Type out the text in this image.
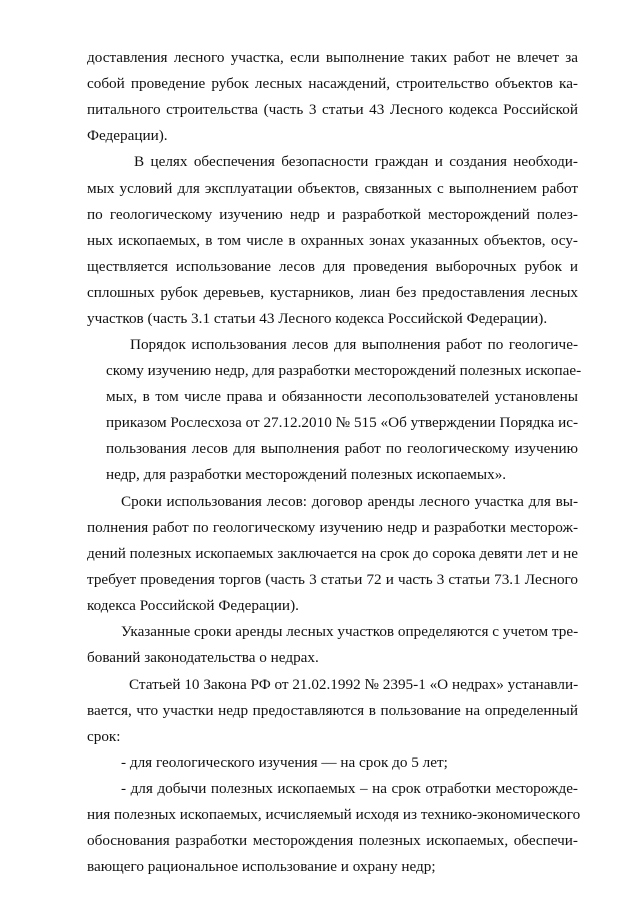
доставления лесного участка, если выполнение таких работ не влечет за
собой проведение рубок лесных насаждений, строительство объектов ка-
питального строительства (часть 3 статьи 43 Лесного кодекса Российской
Федерации).
В целях обеспечения безопасности граждан и создания необходи-
мых условий для эксплуатации объектов, связанных с выполнением работ
по геологическому изучению недр и разработкой месторождений полез-
ных ископаемых, в том числе в охранных зонах указанных объектов, осу-
ществляется использование лесов для проведения выборочных рубок и
сплошных рубок деревьев, кустарников, лиан без предоставления лесных
участков (часть 3.1 статьи 43 Лесного кодекса Российской Федерации).
Порядок использования лесов для выполнения работ по геологиче-
скому изучению недр, для разработки месторождений полезных ископае-
мых, в том числе права и обязанности лесопользователей установлены
приказом Рослесхоза от 27.12.2010 № 515 «Об утверждении Порядка ис-
пользования лесов для выполнения работ по геологическому изучению
недр, для разработки месторождений полезных ископаемых».
Сроки использования лесов: договор аренды лесного участка для вы-
полнения работ по геологическому изучению недр и разработки месторож-
дений полезных ископаемых заключается на срок до сорока девяти лет и не
требует проведения торгов (часть 3 статьи 72 и часть 3 статьи 73.1 Лесного
кодекса Российской Федерации).
Указанные сроки аренды лесных участков определяются с учетом тре-
бований законодательства о недрах.
Статьей 10 Закона РФ от 21.02.1992 № 2395-1 «О недрах» устанавли-
вается, что участки недр предоставляются в пользование на определенный
срок:
- для геологического изучения — на срок до 5 лет;
- для добычи полезных ископаемых – на срок отработки месторожде-
ния полезных ископаемых, исчисляемый исходя из технико-экономического
обоснования разработки месторождения полезных ископаемых, обеспечи-
вающего рациональное использование и охрану недр;
